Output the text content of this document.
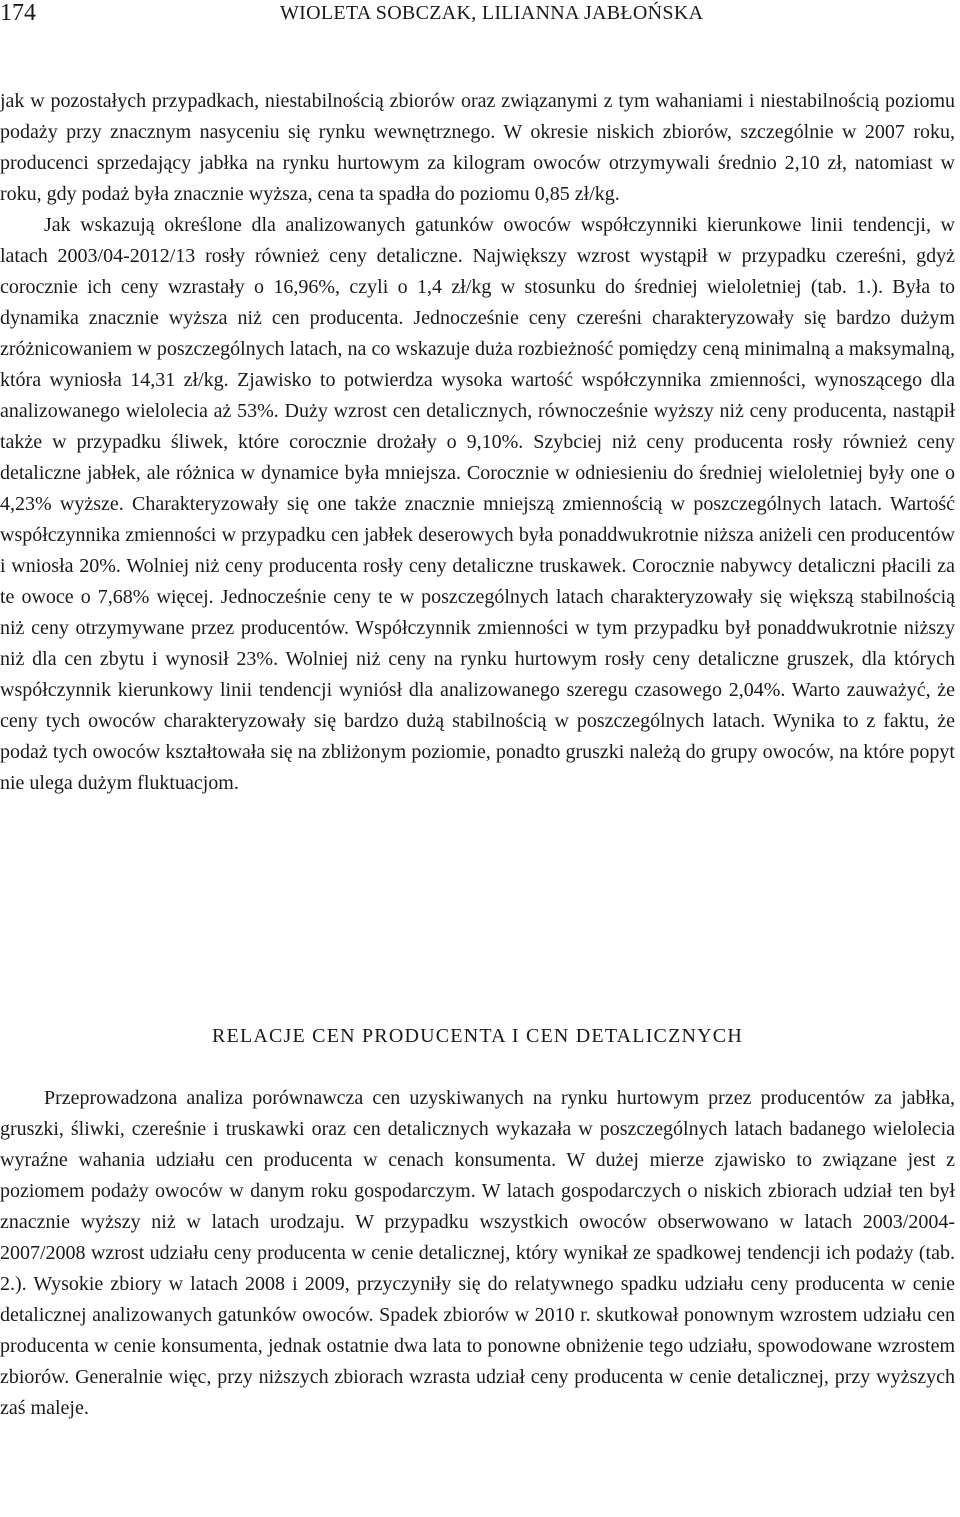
174	WIOLETA SOBCZAK, LILIANNA JABŁOŃSKA

jak w pozostałych przypadkach, niestabilnością zbiorów oraz związanymi z tym wahaniami i niestabilnością poziomu podaży przy znacznym nasyceniu się rynku wewnętrznego. W okresie niskich zbiorów, szczególnie w 2007 roku, producenci sprzedający jabłka na rynku hurtowym za kilogram owoców otrzymywali średnio 2,10 zł, natomiast w roku, gdy podaż była znacznie wyższa, cena ta spadła do poziomu 0,85 zł/kg.

Jak wskazują określone dla analizowanych gatunków owoców współczynniki kierunkowe linii tendencji, w latach 2003/04-2012/13 rosły również ceny detaliczne. Największy wzrost wystąpił w przypadku czereśni, gdyż corocznie ich ceny wzrastały o 16,96%, czyli o 1,4 zł/kg w stosunku do średniej wieloletniej (tab. 1.). Była to dynamika znacznie wyższa niż cen producenta. Jednocześnie ceny czereśni charakteryzowały się bardzo dużym zróżnicowaniem w poszczególnych latach, na co wskazuje duża rozbieżność pomiędzy ceną minimalną a maksymalną, która wyniosła 14,31 zł/kg. Zjawisko to potwierdza wysoka wartość współczynnika zmienności, wynoszącego dla analizowanego wielolecia aż 53%. Duży wzrost cen detalicznych, równocześnie wyższy niż ceny producenta, nastąpił także w przypadku śliwek, które corocznie drożały o 9,10%. Szybciej niż ceny producenta rosły również ceny detaliczne jabłek, ale różnica w dynamice była mniejsza. Corocznie w odniesieniu do średniej wieloletniej były one o 4,23% wyższe. Charakteryzowały się one także znacznie mniejszą zmiennością w poszczególnych latach. Wartość współczynnika zmienności w przypadku cen jabłek deserowych była ponaddwukrotnie niższa aniżeli cen producentów i wniosła 20%. Wolniej niż ceny producenta rosły ceny detaliczne truskawek. Corocznie nabywcy detaliczni płacili za te owoce o 7,68% więcej. Jednocześnie ceny te w poszczególnych latach charakteryzowały się większą stabilnością niż ceny otrzymywane przez producentów. Współczynnik zmienności w tym przypadku był ponaddwukrotnie niższy niż dla cen zbytu i wynosił 23%. Wolniej niż ceny na rynku hurtowym rosły ceny detaliczne gruszek, dla których współczynnik kierunkowy linii tendencji wyniósł dla analizowanego szeregu czasowego 2,04%. Warto zauważyć, że ceny tych owoców charakteryzowały się bardzo dużą stabilnością w poszczególnych latach. Wynika to z faktu, że podaż tych owoców kształtowała się na zbliżonym poziomie, ponadto gruszki należą do grupy owoców, na które popyt nie ulega dużym fluktuacjom.

RELACJE CEN PRODUCENTA I CEN DETALICZNYCH

Przeprowadzona analiza porównawcza cen uzyskiwanych na rynku hurtowym przez producentów za jabłka, gruszki, śliwki, czereśnie i truskawki oraz cen detalicznych wykazała w poszczególnych latach badanego wielolecia wyraźne wahania udziału cen producenta w cenach konsumenta. W dużej mierze zjawisko to związane jest z poziomem podaży owoców w danym roku gospodarczym. W latach gospodarczych o niskich zbiorach udział ten był znacznie wyższy niż w latach urodzaju. W przypadku wszystkich owoców obserwowano w latach 2003/2004-2007/2008 wzrost udziału ceny producenta w cenie detalicznej, który wynikał ze spadkowej tendencji ich podaży (tab. 2.). Wysokie zbiory w latach 2008 i 2009, przyczyniły się do relatywnego spadku udziału ceny producenta w cenie detalicznej analizowanych gatunków owoców. Spadek zbiorów w 2010 r. skutkował ponownym wzrostem udziału cen producenta w cenie konsumenta, jednak ostatnie dwa lata to ponowne obniżenie tego udziału, spowodowane wzrostem zbiorów. Generalnie więc, przy niższych zbiorach wzrasta udział ceny producenta w cenie detalicznej, przy wyższych zaś maleje.
